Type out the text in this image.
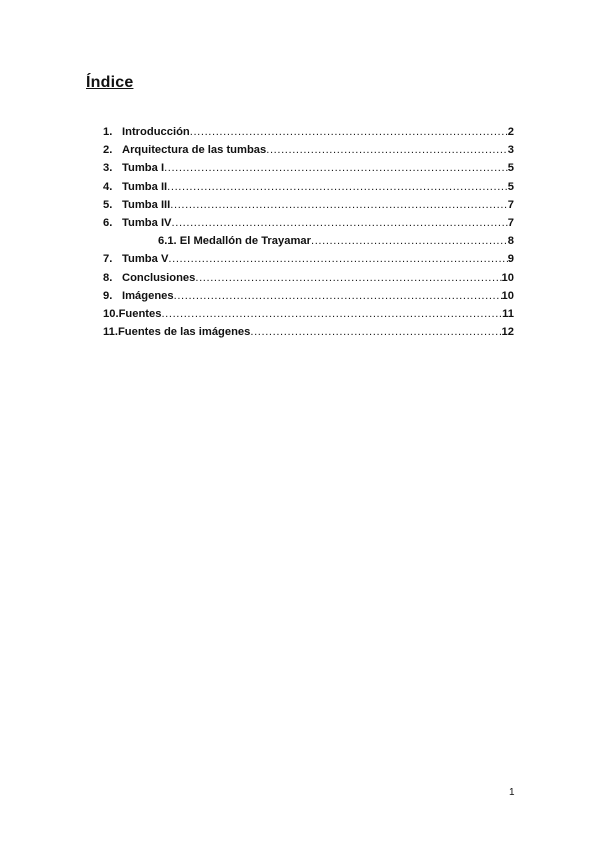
Índice
1. Introducción .....	2
2. Arquitectura de las tumbas .....	3
3. Tumba I .....	5
4. Tumba II .....	5
5. Tumba III .....	7
6. Tumba IV .....	7
6.1. El Medallón de Trayamar .....	8
7. Tumba V .....	9
8. Conclusiones .....	10
9. Imágenes .....	10
10.Fuentes .....	11
11.Fuentes de las imágenes .....	12
1
